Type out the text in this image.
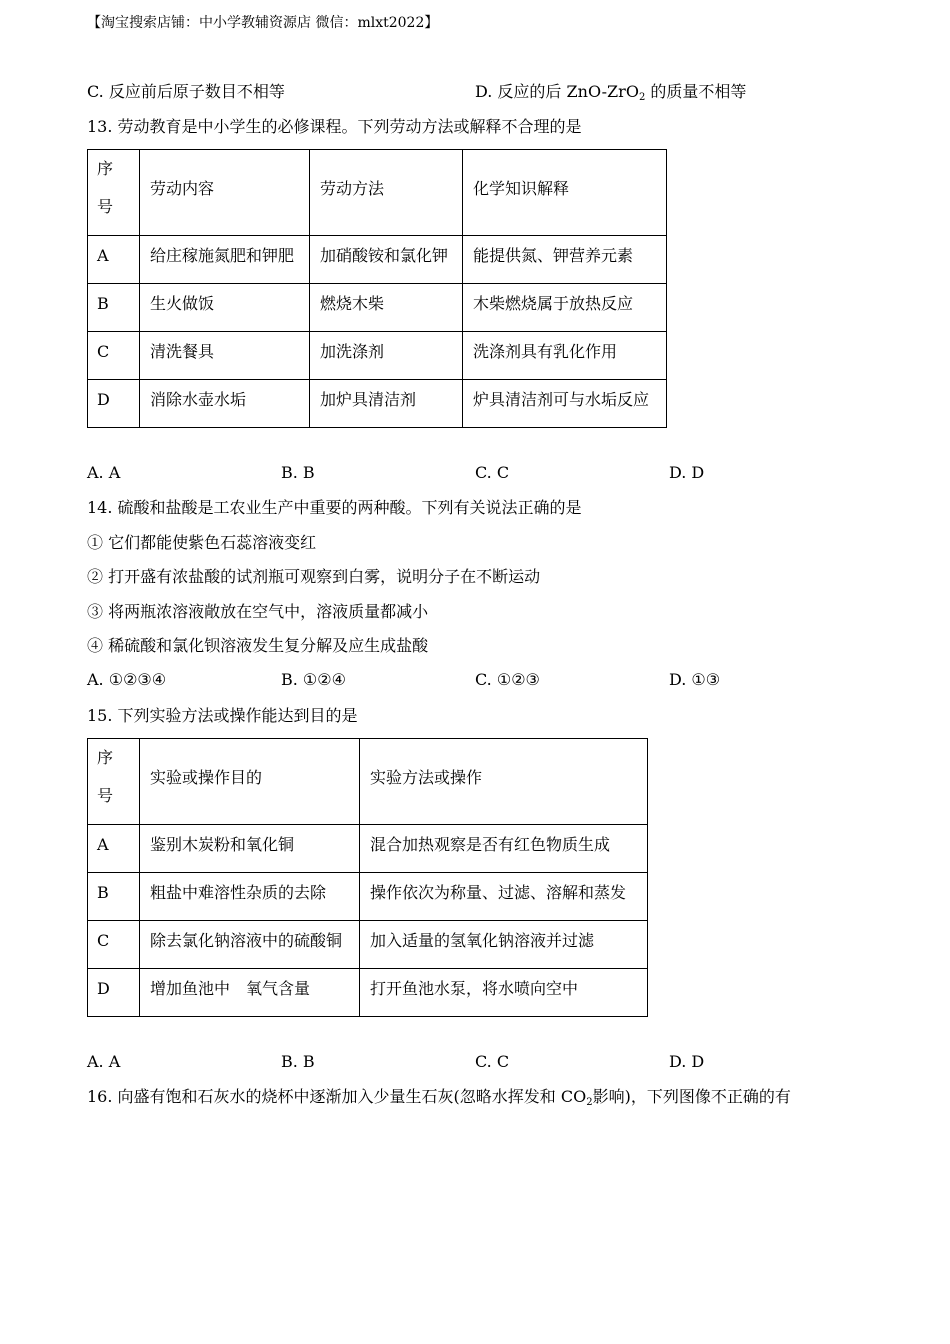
【淘宝搜索店铺：中小学教辅资源店 微信：mlxt2022】
C. 反应前后原子数目不相等	D. 反应的后 ZnO-ZrO$_2$ 的质量不相等
13. 劳动教育是中小学生的必修课程。下列劳动方法或解释不合理的是
序
号	劳动内容	劳动方法	化学知识解释
A	给庄稼施氮肥和钾肥	加硝酸铵和氯化钾	能提供氮、钾营养元素
B	生火做饭	燃烧木柴	木柴燃烧属于放热反应
C	清洗餐具	加洗涤剂	洗涤剂具有乳化作用
D	消除水壶水垢	加炉具清洁剂	炉具清洁剂可与水垢反应
A. A	B. B	C. C	D. D
14. 硫酸和盐酸是工农业生产中重要的两种酸。下列有关说法正确的是
① 它们都能使紫色石蕊溶液变红
② 打开盛有浓盐酸的试剂瓶可观察到白雾，说明分子在不断运动
③ 将两瓶浓溶液敞放在空气中，溶液质量都减小
④ 稀硫酸和氯化钡溶液发生复分解及应生成盐酸
A. ①②③④	B. ①②④	C. ①②③	D. ①③
15. 下列实验方法或操作能达到目的是
序
号	实验或操作目的	实验方法或操作
A	鉴别木炭粉和氧化铜	混合加热观察是否有红色物质生成
B	粗盐中难溶性杂质的去除	操作依次为称量、过滤、溶解和蒸发
C	除去氯化钠溶液中的硫酸铜	加入适量的氢氧化钠溶液并过滤
D	增加鱼池中　氧气含量	打开鱼池水泵，将水喷向空中
A. A	B. B	C. C	D. D
16. 向盛有饱和石灰水的烧杯中逐渐加入少量生石灰(忽略水挥发和 $CO_2$影响)，下列图像不正确的有
